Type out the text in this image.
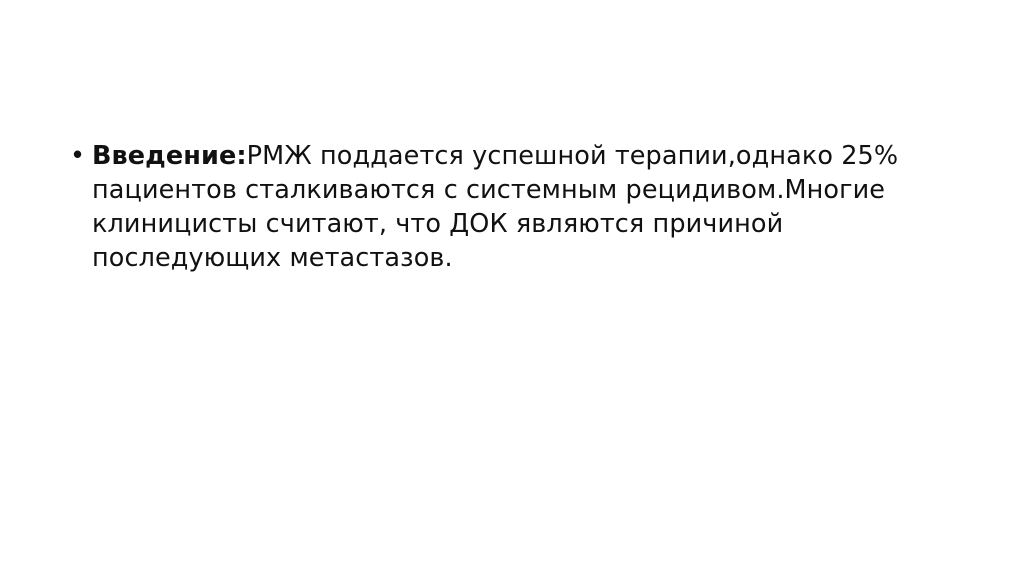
• Введение:РМЖ поддается успешной терапии,однако 25% пациентов сталкиваются с системным рецидивом.Многие клиницисты считают, что ДОК являются причиной последующих метастазов.
